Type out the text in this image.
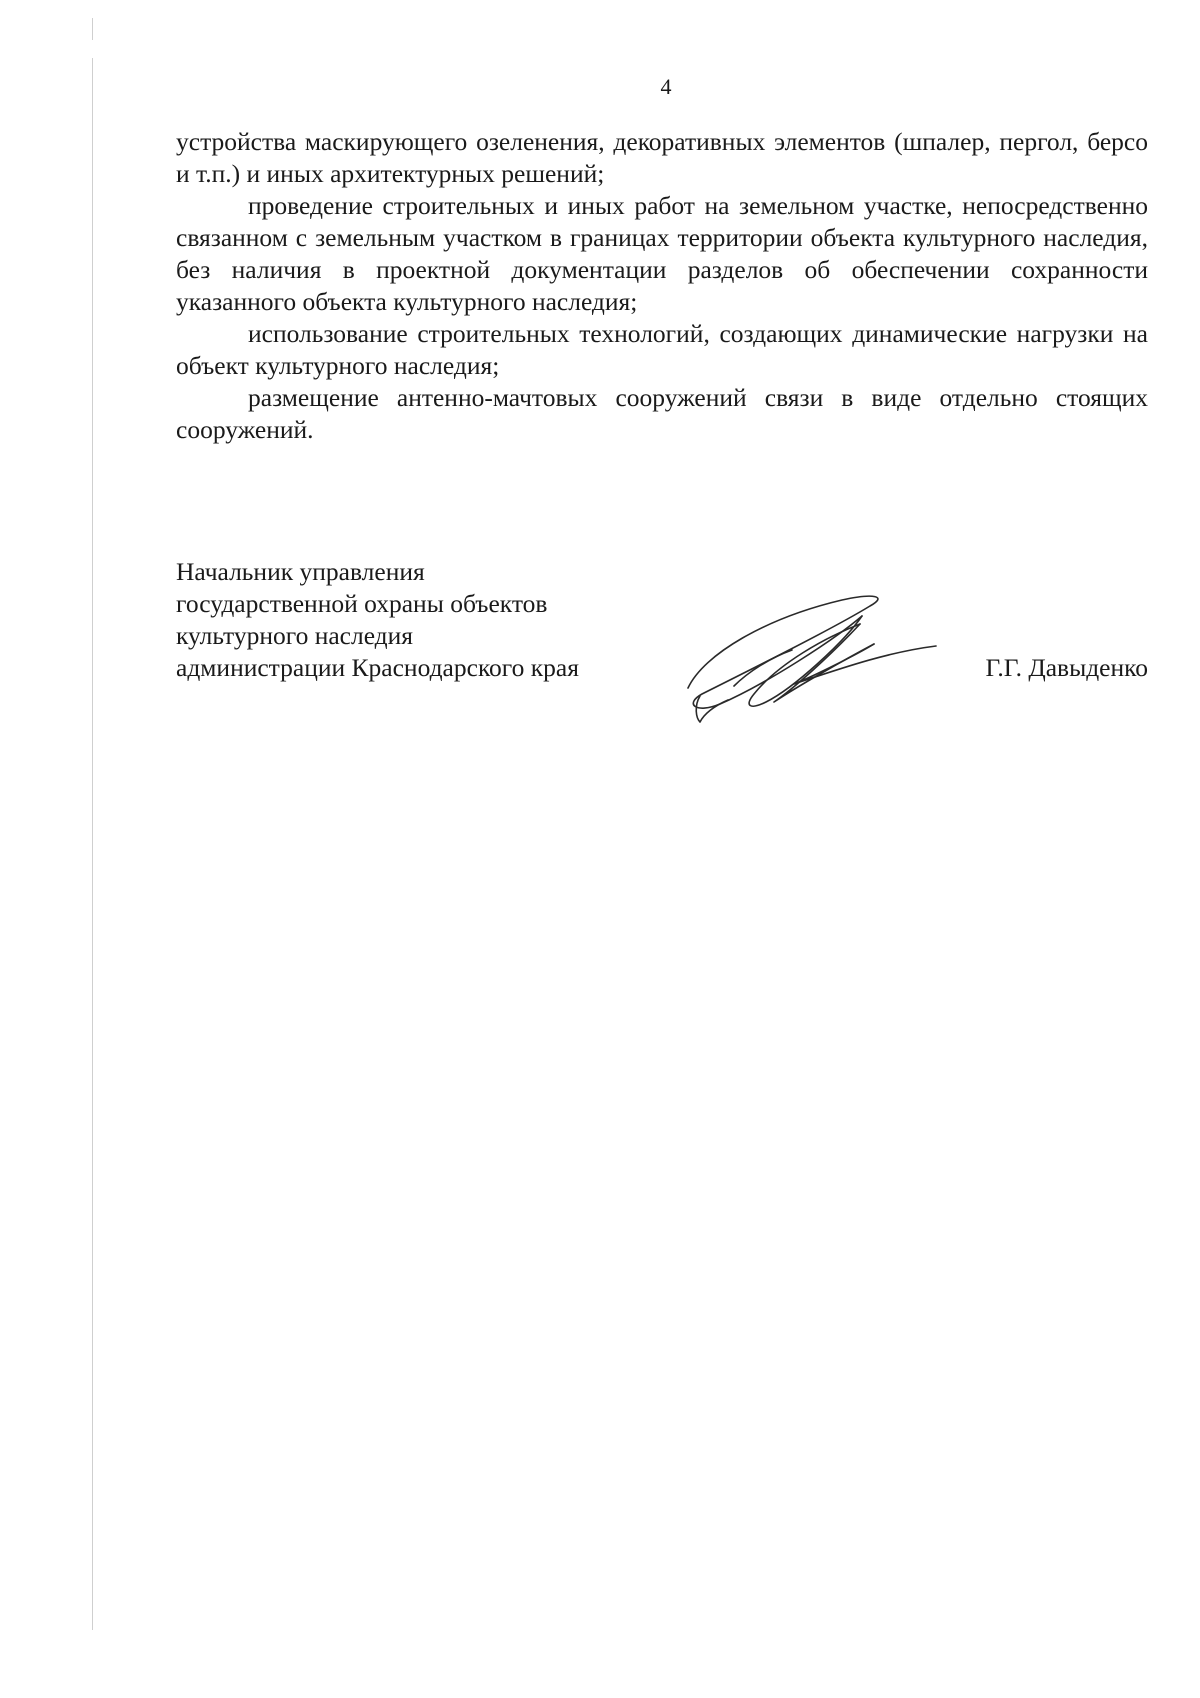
4

устройства маскирующего озеленения, декоративных элементов (шпалер, пергол, берсо и т.п.) и иных архитектурных решений;

проведение строительных и иных работ на земельном участке, непосредственно связанном с земельным участком в границах территории объекта культурного наследия, без наличия в проектной документации разделов об обеспечении сохранности указанного объекта культурного наследия;

использование строительных технологий, создающих динамические нагрузки на объект культурного наследия;

размещение антенно-мачтовых сооружений связи в виде отдельно стоящих сооружений.

Начальник управления
государственной охраны объектов
культурного наследия
администрации Краснодарского края	Г.Г. Давыденко
